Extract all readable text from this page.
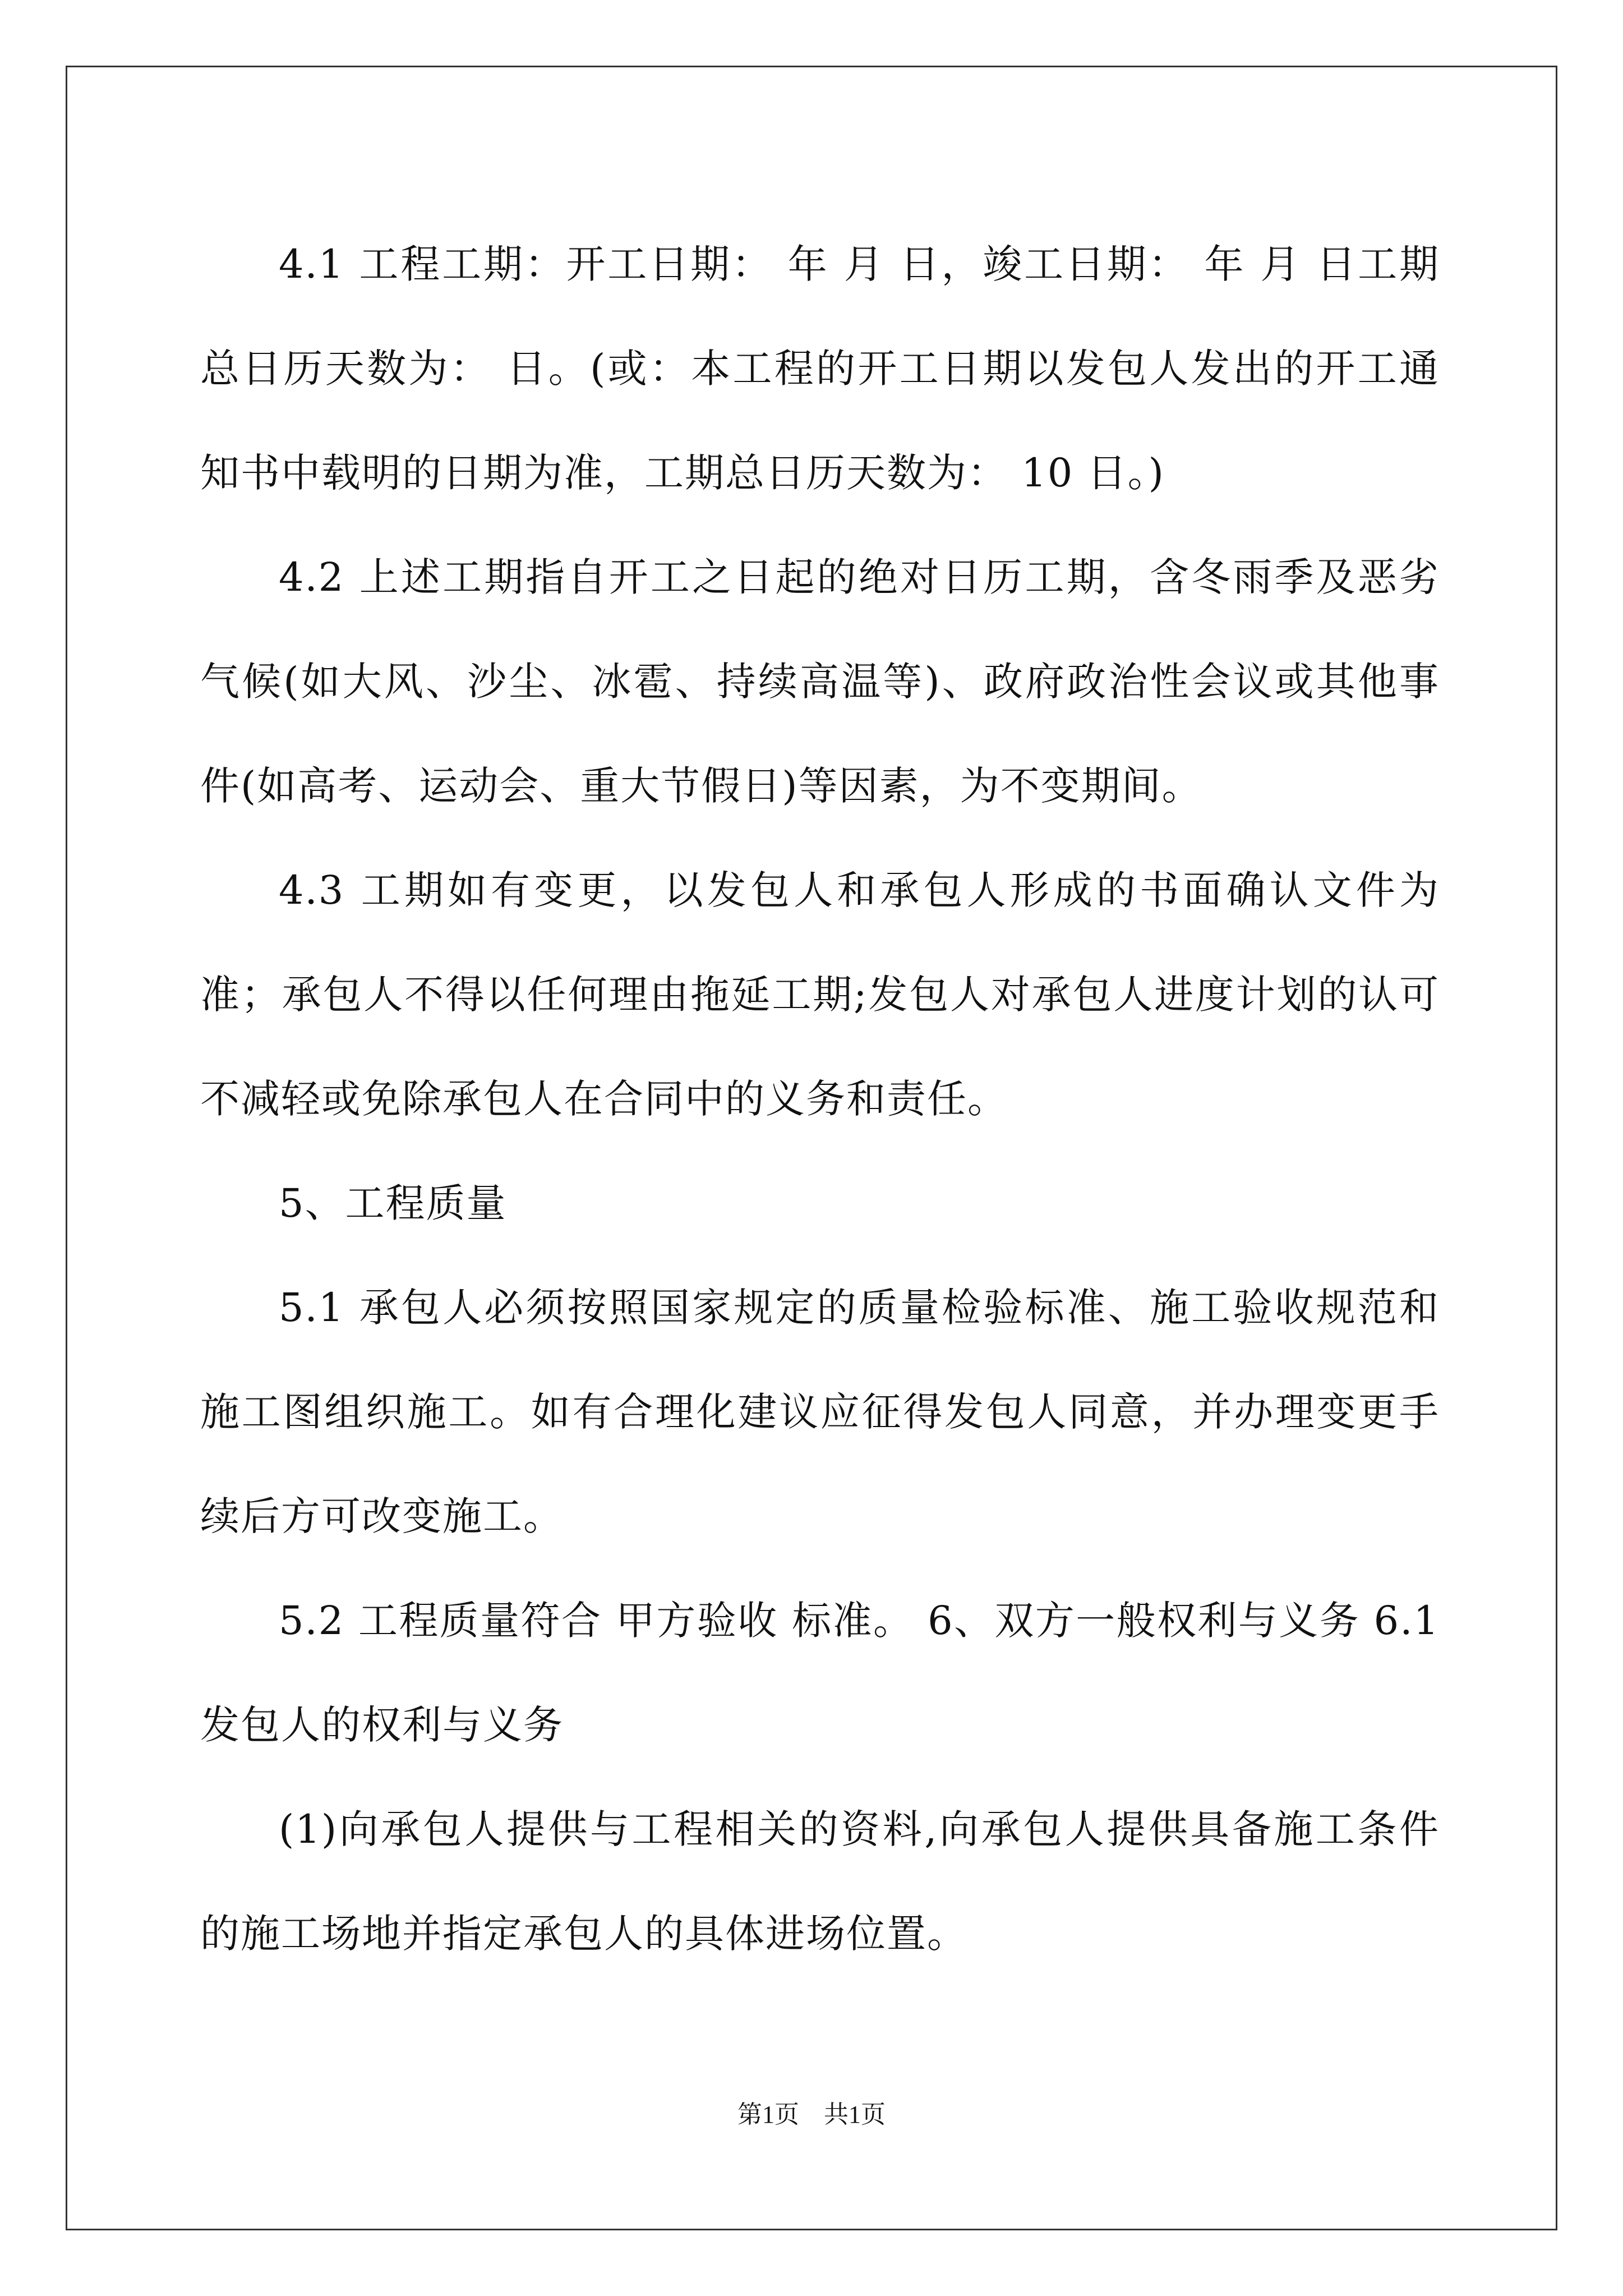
4.1 工程工期：开工日期： 年 月 日，竣工日期： 年 月 日工期总日历天数为： 日。(或：本工程的开工日期以发包人发出的开工通知书中载明的日期为准，工期总日历天数为： 10 日。)

4.2 上述工期指自开工之日起的绝对日历工期，含冬雨季及恶劣气候(如大风、沙尘、冰雹、持续高温等)、政府政治性会议或其他事件(如高考、运动会、重大节假日)等因素，为不变期间。

4.3 工期如有变更，以发包人和承包人形成的书面确认文件为准；承包人不得以任何理由拖延工期;发包人对承包人进度计划的认可不减轻或免除承包人在合同中的义务和责任。

5、工程质量

5.1 承包人必须按照国家规定的质量检验标准、施工验收规范和施工图组织施工。如有合理化建议应征得发包人同意，并办理变更手续后方可改变施工。

5.2 工程质量符合 甲方验收 标准。 6、双方一般权利与义务 6.1 发包人的权利与义务

(1)向承包人提供与工程相关的资料,向承包人提供具备施工条件的施工场地并指定承包人的具体进场位置。

第1页　共1页
